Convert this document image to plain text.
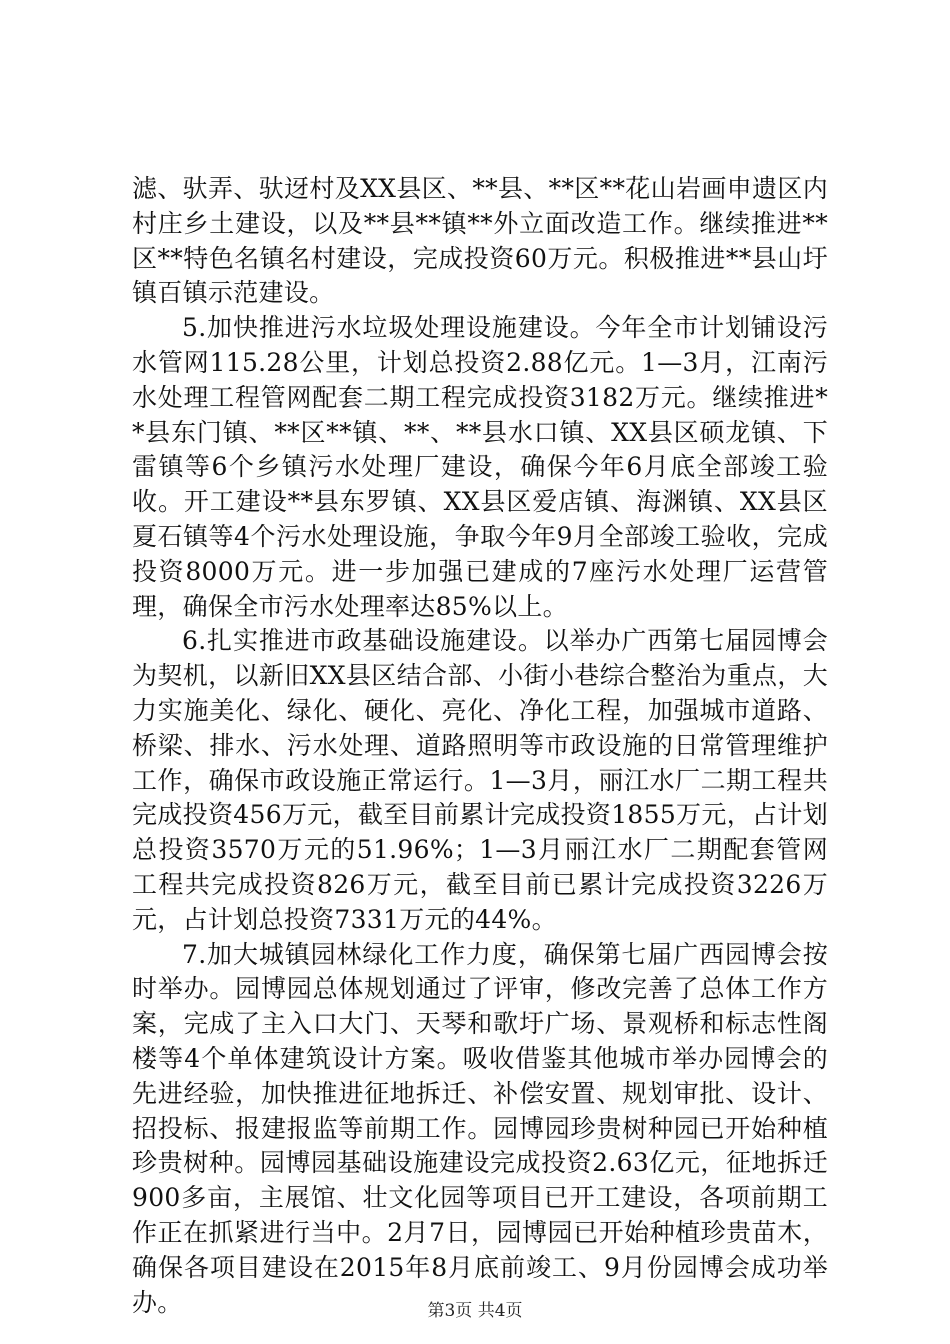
滤、驮弄、驮迓村及XX县区、**县、**区**花山岩画申遗区内村庄乡土建设，以及**县**镇**外立面改造工作。继续推进**区**特色名镇名村建设，完成投资60万元。积极推进**县山圩镇百镇示范建设。

5.加快推进污水垃圾处理设施建设。今年全市计划铺设污水管网115.28公里，计划总投资2.88亿元。1—3月，江南污水处理工程管网配套二期工程完成投资3182万元。继续推进**县东门镇、**区**镇、**、**县水口镇、XX县区硕龙镇、下雷镇等6个乡镇污水处理厂建设，确保今年6月底全部竣工验收。开工建设**县东罗镇、XX县区爱店镇、海渊镇、XX县区夏石镇等4个污水处理设施，争取今年9月全部竣工验收，完成投资8000万元。进一步加强已建成的7座污水处理厂运营管理，确保全市污水处理率达85%以上。

6.扎实推进市政基础设施建设。以举办广西第七届园博会为契机，以新旧XX县区结合部、小街小巷综合整治为重点，大力实施美化、绿化、硬化、亮化、净化工程，加强城市道路、桥梁、排水、污水处理、道路照明等市政设施的日常管理维护工作，确保市政设施正常运行。1—3月，丽江水厂二期工程共完成投资456万元，截至目前累计完成投资1855万元，占计划总投资3570万元的51.96%；1—3月丽江水厂二期配套管网工程共完成投资826万元，截至目前已累计完成投资3226万元，占计划总投资7331万元的44%。

7.加大城镇园林绿化工作力度，确保第七届广西园博会按时举办。园博园总体规划通过了评审，修改完善了总体工作方案，完成了主入口大门、天琴和歌圩广场、景观桥和标志性阁楼等4个单体建筑设计方案。吸收借鉴其他城市举办园博会的先进经验，加快推进征地拆迁、补偿安置、规划审批、设计、招投标、报建报监等前期工作。园博园珍贵树种园已开始种植珍贵树种。园博园基础设施建设完成投资2.63亿元，征地拆迁900多亩，主展馆、壮文化园等项目已开工建设，各项前期工作正在抓紧进行当中。2月7日，园博园已开始种植珍贵苗木，确保各项目建设在2015年8月底前竣工、9月份园博会成功举办。	第3页 共4页
